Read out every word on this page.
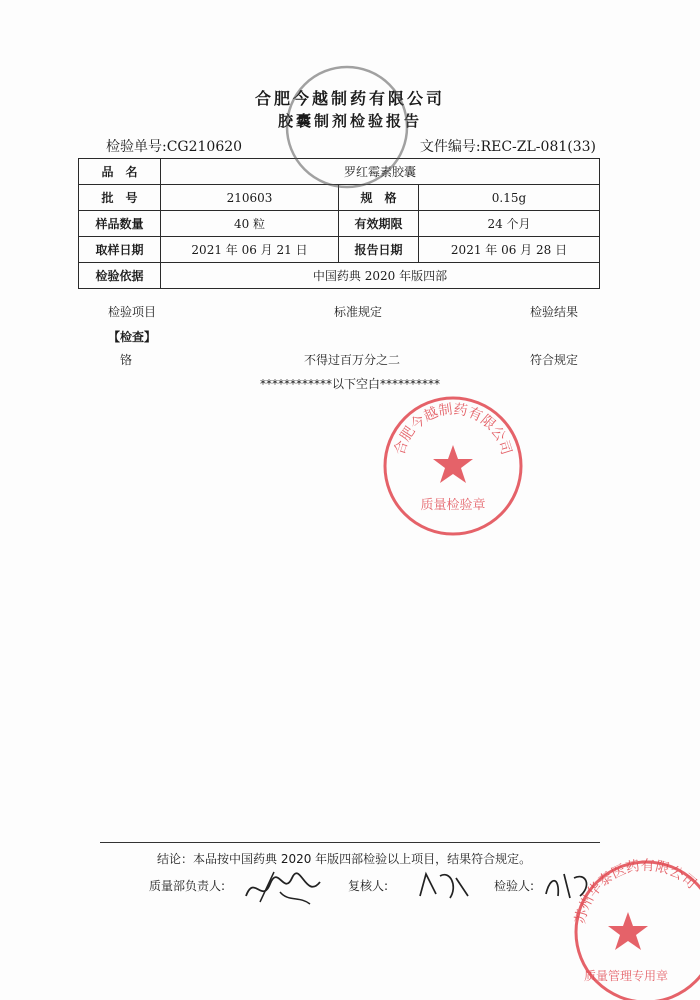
合肥今越制药有限公司
胶囊制剂检验报告
检验单号:CG210620	文件编号:REC-ZL-081(33)
品　名	罗红霉素胶囊		
批　号	210603	规　格	0.15g
样品数量	40 粒	有效期限	24 个月
取样日期	2021 年 06 月 21 日	报告日期	2021 年 06 月 28 日
检验依据	中国药典 2020 年版四部		
检验项目	标准规定	检验结果
【检查】
铬	不得过百万分之二	符合规定
************以下空白**********
合肥今越制药有限公司
质量检验章
苏州华泰医药有限公司
质量管理专用章
结论：本品按中国药典 2020 年版四部检验以上项目，结果符合规定。
质量部负责人:	复核人:	检验人:
